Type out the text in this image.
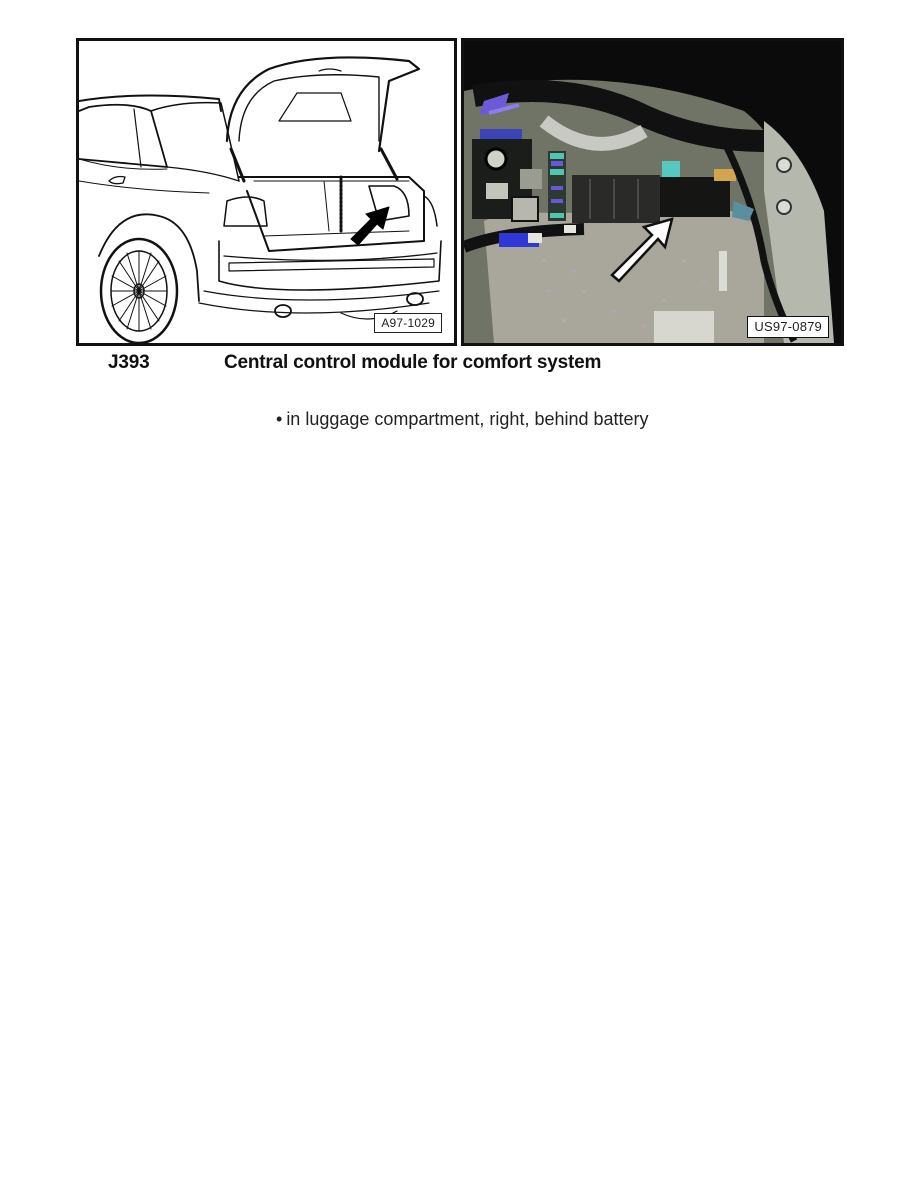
A97-1029	US97-0879
J393	Central control module for comfort system
• in luggage compartment, right, behind battery
